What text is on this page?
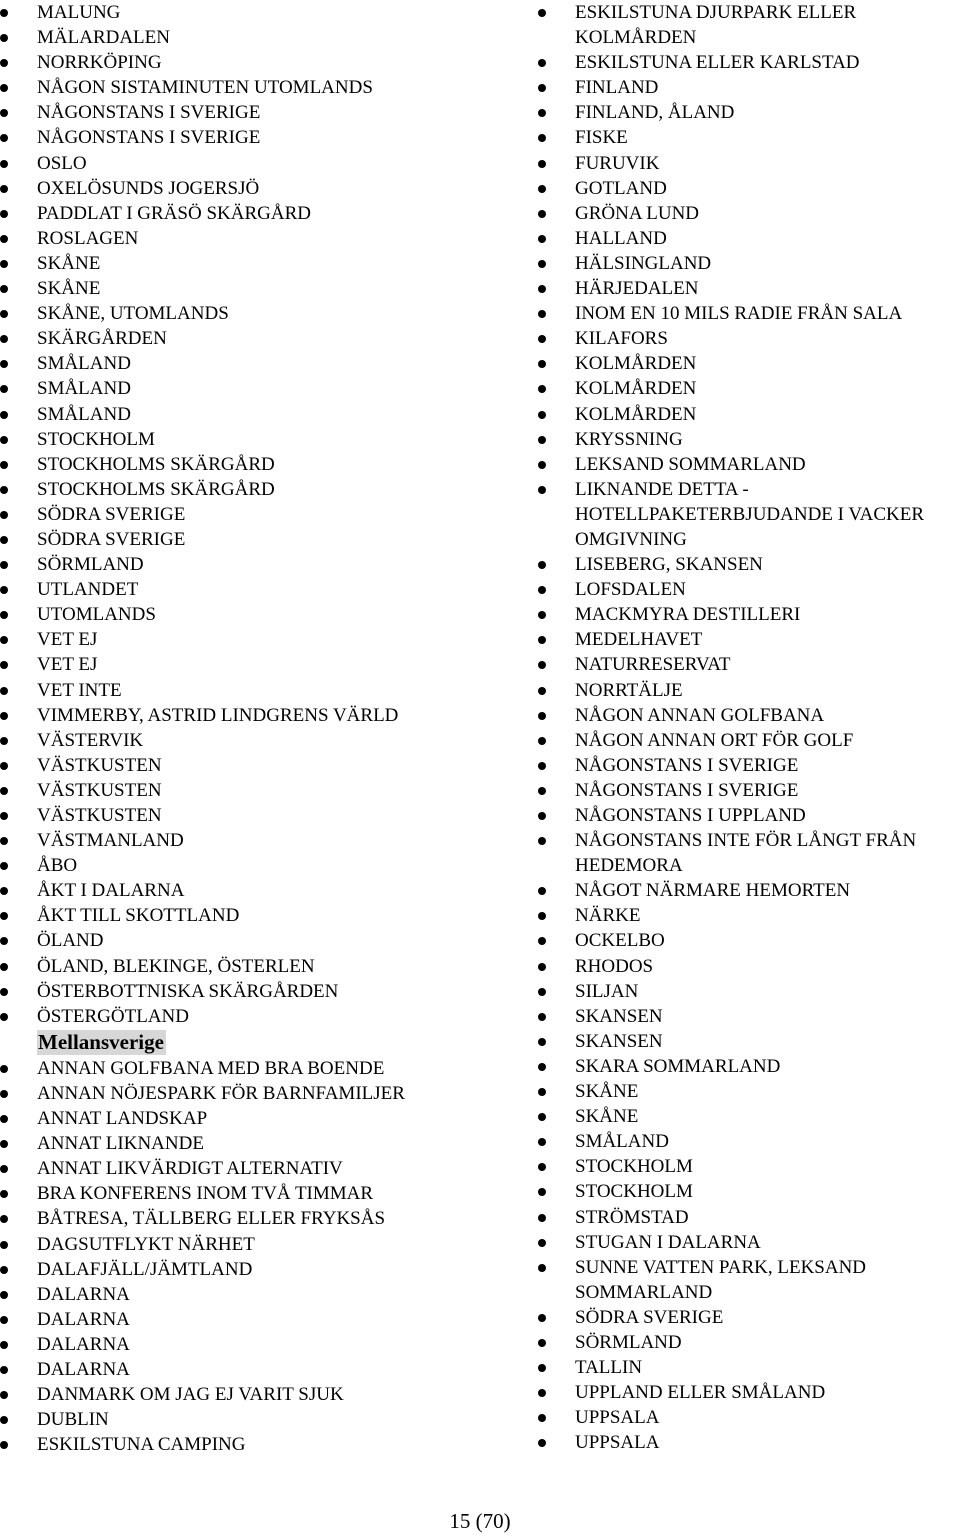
MALUNG
MÄLARDALEN
NORRKÖPING
NÅGON SISTAMINUTEN UTOMLANDS
NÅGONSTANS I SVERIGE
NÅGONSTANS I SVERIGE
OSLO
OXELÖSUNDS JOGERSJÖ
PADDLAT I GRÄSÖ SKÄRGÅRD
ROSLAGEN
SKÅNE
SKÅNE
SKÅNE, UTOMLANDS
SKÄRGÅRDEN
SMÅLAND
SMÅLAND
SMÅLAND
STOCKHOLM
STOCKHOLMS SKÄRGÅRD
STOCKHOLMS SKÄRGÅRD
SÖDRA SVERIGE
SÖDRA SVERIGE
SÖRMLAND
UTLANDET
UTOMLANDS
VET EJ
VET EJ
VET INTE
VIMMERBY, ASTRID LINDGRENS VÄRLD
VÄSTERVIK
VÄSTKUSTEN
VÄSTKUSTEN
VÄSTKUSTEN
VÄSTMANLAND
ÅBO
ÅKT I DALARNA
ÅKT TILL SKOTTLAND
ÖLAND
ÖLAND, BLEKINGE, ÖSTERLEN
ÖSTERBOTTNISKA SKÄRGÅRDEN
ÖSTERGÖTLAND
Mellansverige
ANNAN GOLFBANA MED BRA BOENDE
ANNAN NÖJESPARK FÖR BARNFAMILJER
ANNAT LANDSKAP
ANNAT LIKNANDE
ANNAT LIKVÄRDIGT ALTERNATIV
BRA KONFERENS INOM TVÅ TIMMAR
BÅTRESA, TÄLLBERG ELLER FRYKSÅS
DAGSUTFLYKT NÄRHET
DALAFJÄLL/JÄMTLAND
DALARNA
DALARNA
DALARNA
DALARNA
DANMARK OM JAG EJ VARIT SJUK
DUBLIN
ESKILSTUNA CAMPING
ESKILSTUNA DJURPARK ELLER KOLMÅRDEN
ESKILSTUNA ELLER KARLSTAD
FINLAND
FINLAND, ÅLAND
FISKE
FURUVIK
GOTLAND
GRÖNA LUND
HALLAND
HÄLSINGLAND
HÄRJEDALEN
INOM EN 10 MILS RADIE FRÅN SALA
KILAFORS
KOLMÅRDEN
KOLMÅRDEN
KOLMÅRDEN
KRYSSNING
LEKSAND SOMMARLAND
LIKNANDE DETTA - HOTELLPAKETERBJUDANDE I VACKER OMGIVNING
LISEBERG, SKANSEN
LOFSDALEN
MACKMYRA DESTILLERI
MEDELHAVET
NATURRESERVAT
NORRTÄLJE
NÅGON ANNAN GOLFBANA
NÅGON ANNAN ORT FÖR GOLF
NÅGONSTANS I SVERIGE
NÅGONSTANS I SVERIGE
NÅGONSTANS I UPPLAND
NÅGONSTANS INTE FÖR LÅNGT FRÅN HEDEMORA
NÅGOT NÄRMARE HEMORTEN
NÄRKE
OCKELBO
RHODOS
SILJAN
SKANSEN
SKANSEN
SKARA SOMMARLAND
SKÅNE
SKÅNE
SMÅLAND
STOCKHOLM
STOCKHOLM
STRÖMSTAD
STUGAN I DALARNA
SUNNE VATTEN PARK, LEKSAND SOMMARLAND
SÖDRA SVERIGE
SÖRMLAND
TALLIN
UPPLAND ELLER SMÅLAND
UPPSALA
UPPSALA
15 (70)
